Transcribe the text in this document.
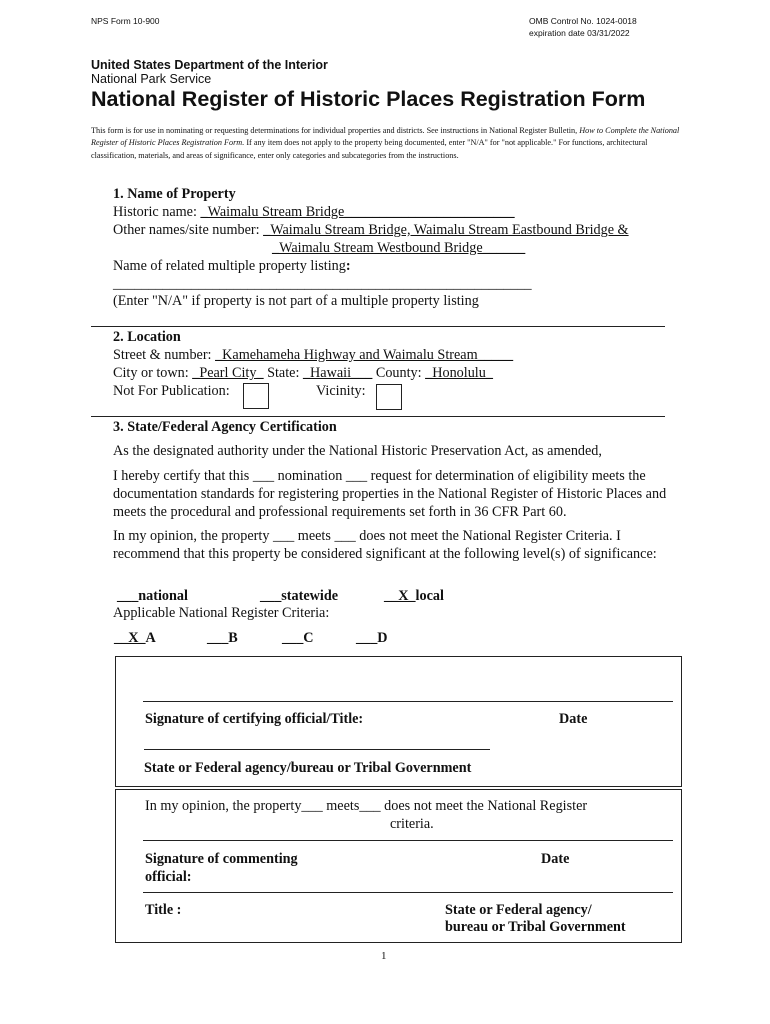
NPS Form 10-900	OMB Control No. 1024-0018
expiration date 03/31/2022
United States Department of the Interior
National Park Service
National Register of Historic Places Registration Form
This form is for use in nominating or requesting determinations for individual properties and districts. See instructions in National Register Bulletin, How to Complete the National Register of Historic Places Registration Form. If any item does not apply to the property being documented, enter "N/A" for "not applicable." For functions, architectural classification, materials, and areas of significance, enter only categories and subcategories from the instructions.
1. Name of Property
Historic name: _Waimalu Stream Bridge________________________
Other names/site number: _Waimalu Stream Bridge, Waimalu Stream Eastbound Bridge &
_Waimalu Stream Westbound Bridge______
Name of related multiple property listing:
___________________________________________________________
(Enter "N/A" if property is not part of a multiple property listing
2. Location
Street & number: _Kamehameha Highway and Waimalu Stream_____
City or town: _Pearl City_ State: _Hawaii___ County: _Honolulu_
Not For Publication:	Vicinity:
3. State/Federal Agency Certification
As the designated authority under the National Historic Preservation Act, as amended,
I hereby certify that this ___ nomination ___ request for determination of eligibility meets the documentation standards for registering properties in the National Register of Historic Places and meets the procedural and professional requirements set forth in 36 CFR Part 60.
In my opinion, the property ___ meets ___ does not meet the National Register Criteria. I recommend that this property be considered significant at the following level(s) of significance:
___national	___statewide	__X_local
Applicable National Register Criteria:
__X_A	___B	___C	___D
Signature of certifying official/Title:	Date
State or Federal agency/bureau or Tribal Government
In my opinion, the property___ meets___ does not meet the National Register
criteria.
Signature of commenting
official:
Date
Title :	State or Federal agency/
bureau or Tribal Government
1
